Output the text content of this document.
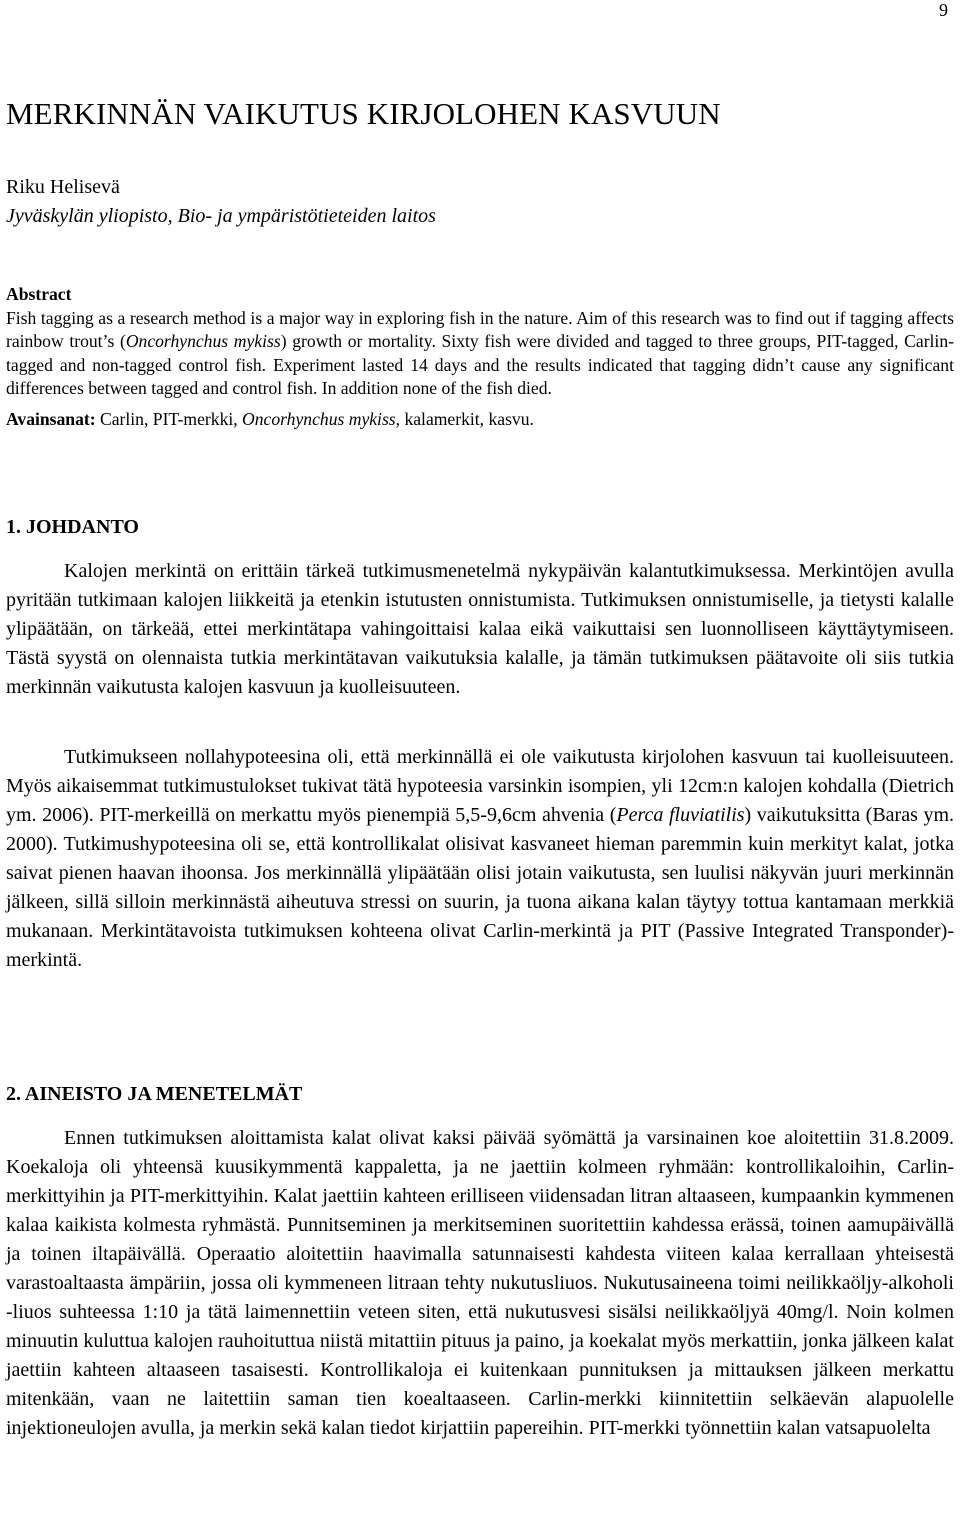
9
MERKINNÄN VAIKUTUS KIRJOLOHEN KASVUUN
Riku Helisevä
Jyväskylän yliopisto, Bio- ja ympäristötieteiden laitos
Abstract

Fish tagging as a research method is a major way in exploring fish in the nature. Aim of this research was to find out if tagging affects rainbow trout’s (Oncorhynchus mykiss) growth or mortality. Sixty fish were divided and tagged to three groups, PIT-tagged, Carlin-tagged and non-tagged control fish. Experiment lasted 14 days and the results indicated that tagging didn’t cause any significant differences between tagged and control fish. In addition none of the fish died.

Avainsanat: Carlin, PIT-merkki, Oncorhynchus mykiss, kalamerkit, kasvu.

1. JOHDANTO

Kalojen merkintä on erittäin tärkeä tutkimusmenetelmä nykypäivän kalantutkimuksessa. Merkintöjen avulla pyritään tutkimaan kalojen liikkeitä ja etenkin istutusten onnistumista. Tutkimuksen onnistumiselle, ja tietysti kalalle ylipäätään, on tärkeää, ettei merkintätapa vahingoittaisi kalaa eikä vaikuttaisi sen luonnolliseen käyttäytymiseen. Tästä syystä on olennaista tutkia merkintätavan vaikutuksia kalalle, ja tämän tutkimuksen päätavoite oli siis tutkia merkinnän vaikutusta kalojen kasvuun ja kuolleisuuteen.

Tutkimukseen nollahypoteesina oli, että merkinnällä ei ole vaikutusta kirjolohen kasvuun tai kuolleisuuteen. Myös aikaisemmat tutkimustulokset tukivat tätä hypoteesia varsinkin isompien, yli 12cm:n kalojen kohdalla (Dietrich ym. 2006). PIT-merkeillä on merkattu myös pienempiä 5,5-9,6cm ahvenia (Perca fluviatilis) vaikutuksitta (Baras ym. 2000). Tutkimushypoteesina oli se, että kontrollikalat olisivat kasvaneet hieman paremmin kuin merkityt kalat, jotka saivat pienen haavan ihoonsa. Jos merkinnällä ylipäätään olisi jotain vaikutusta, sen luulisi näkyvän juuri merkinnän jälkeen, sillä silloin merkinnästä aiheutuva stressi on suurin, ja tuona aikana kalan täytyy tottua kantamaan merkkiä mukanaan. Merkintätavoista tutkimuksen kohteena olivat Carlin-merkintä ja PIT (Passive Integrated Transponder)-merkintä.

2. AINEISTO JA MENETELMÄT

Ennen tutkimuksen aloittamista kalat olivat kaksi päivää syömättä ja varsinainen koe aloitettiin 31.8.2009. Koekaloja oli yhteensä kuusikymmentä kappaletta, ja ne jaettiin kolmeen ryhmään: kontrollikaloihin, Carlin-merkittyihin ja PIT-merkittyihin. Kalat jaettiin kahteen erilliseen viidensadan litran altaaseen, kumpaankin kymmenen kalaa kaikista kolmesta ryhmästä. Punnitseminen ja merkitseminen suoritettiin kahdessa erässä, toinen aamupäivällä ja toinen iltapäivällä. Operaatio aloitettiin haavimalla satunnaisesti kahdesta viiteen kalaa kerrallaan yhteisestä varastoaltaasta ämpäriin, jossa oli kymmeneen litraan tehty nukutusliuos. Nukutusaineena toimi neilikkaöljy-alkoholi -liuos suhteessa 1:10 ja tätä laimennettiin veteen siten, että nukutusvesi sisälsi neilikkaöljyä 40mg/l. Noin kolmen minuutin kuluttua kalojen rauhoituttua niistä mitattiin pituus ja paino, ja koekalat myös merkattiin, jonka jälkeen kalat jaettiin kahteen altaaseen tasaisesti. Kontrollikaloja ei kuitenkaan punnituksen ja mittauksen jälkeen merkattu mitenkään, vaan ne laitettiin saman tien koealtaaseen. Carlin-merkki kiinnitettiin selkäevän alapuolelle injektioneulojen avulla, ja merkin sekä kalan tiedot kirjattiin papereihin. PIT-merkki työnnettiin kalan vatsapuolelta
